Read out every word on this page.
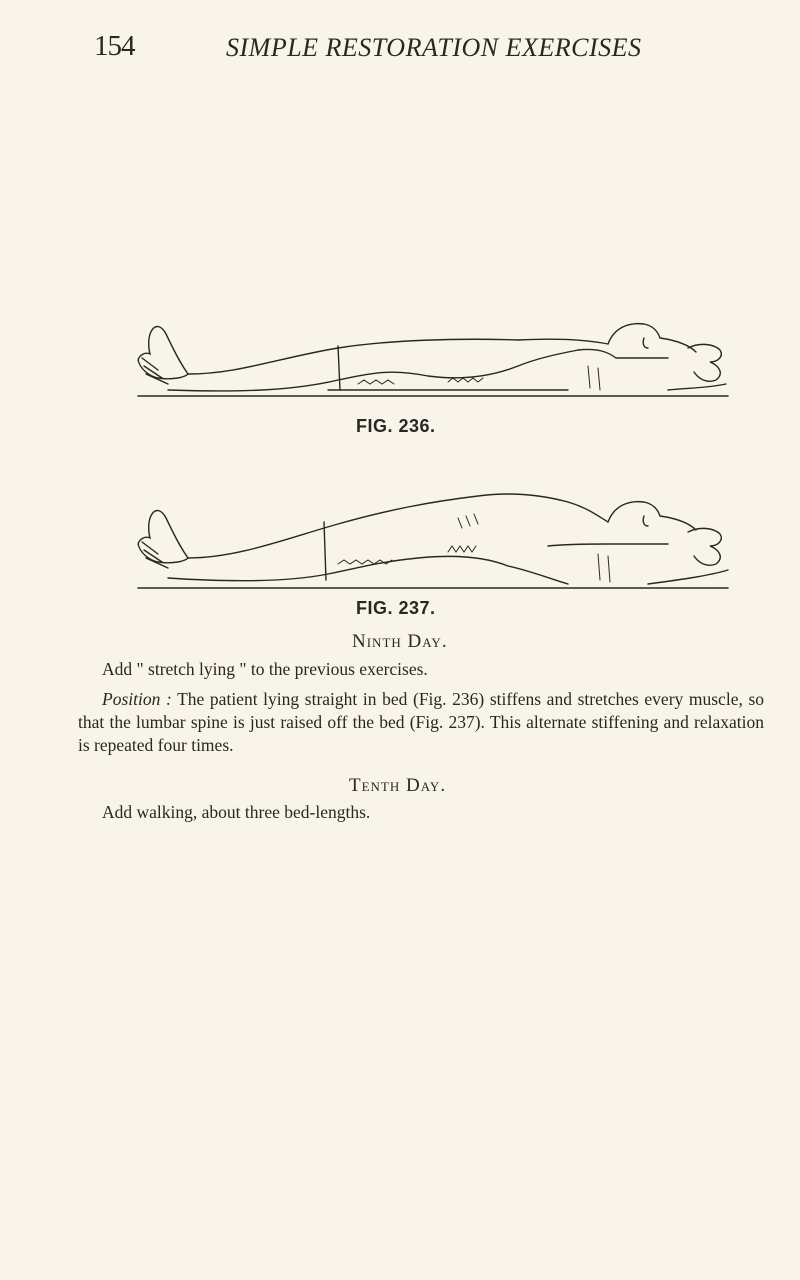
154	SIMPLE RESTORATION EXERCISES
FIG. 236.
FIG. 237.
Ninth Day.
Add " stretch lying " to the previous exercises.
Position : The patient lying straight in bed (Fig. 236) stiffens and stretches every muscle, so that the lumbar spine is just raised off the bed (Fig. 237). This alternate stiffening and relaxation is repeated four times.
Tenth Day.
Add walking, about three bed-lengths.
